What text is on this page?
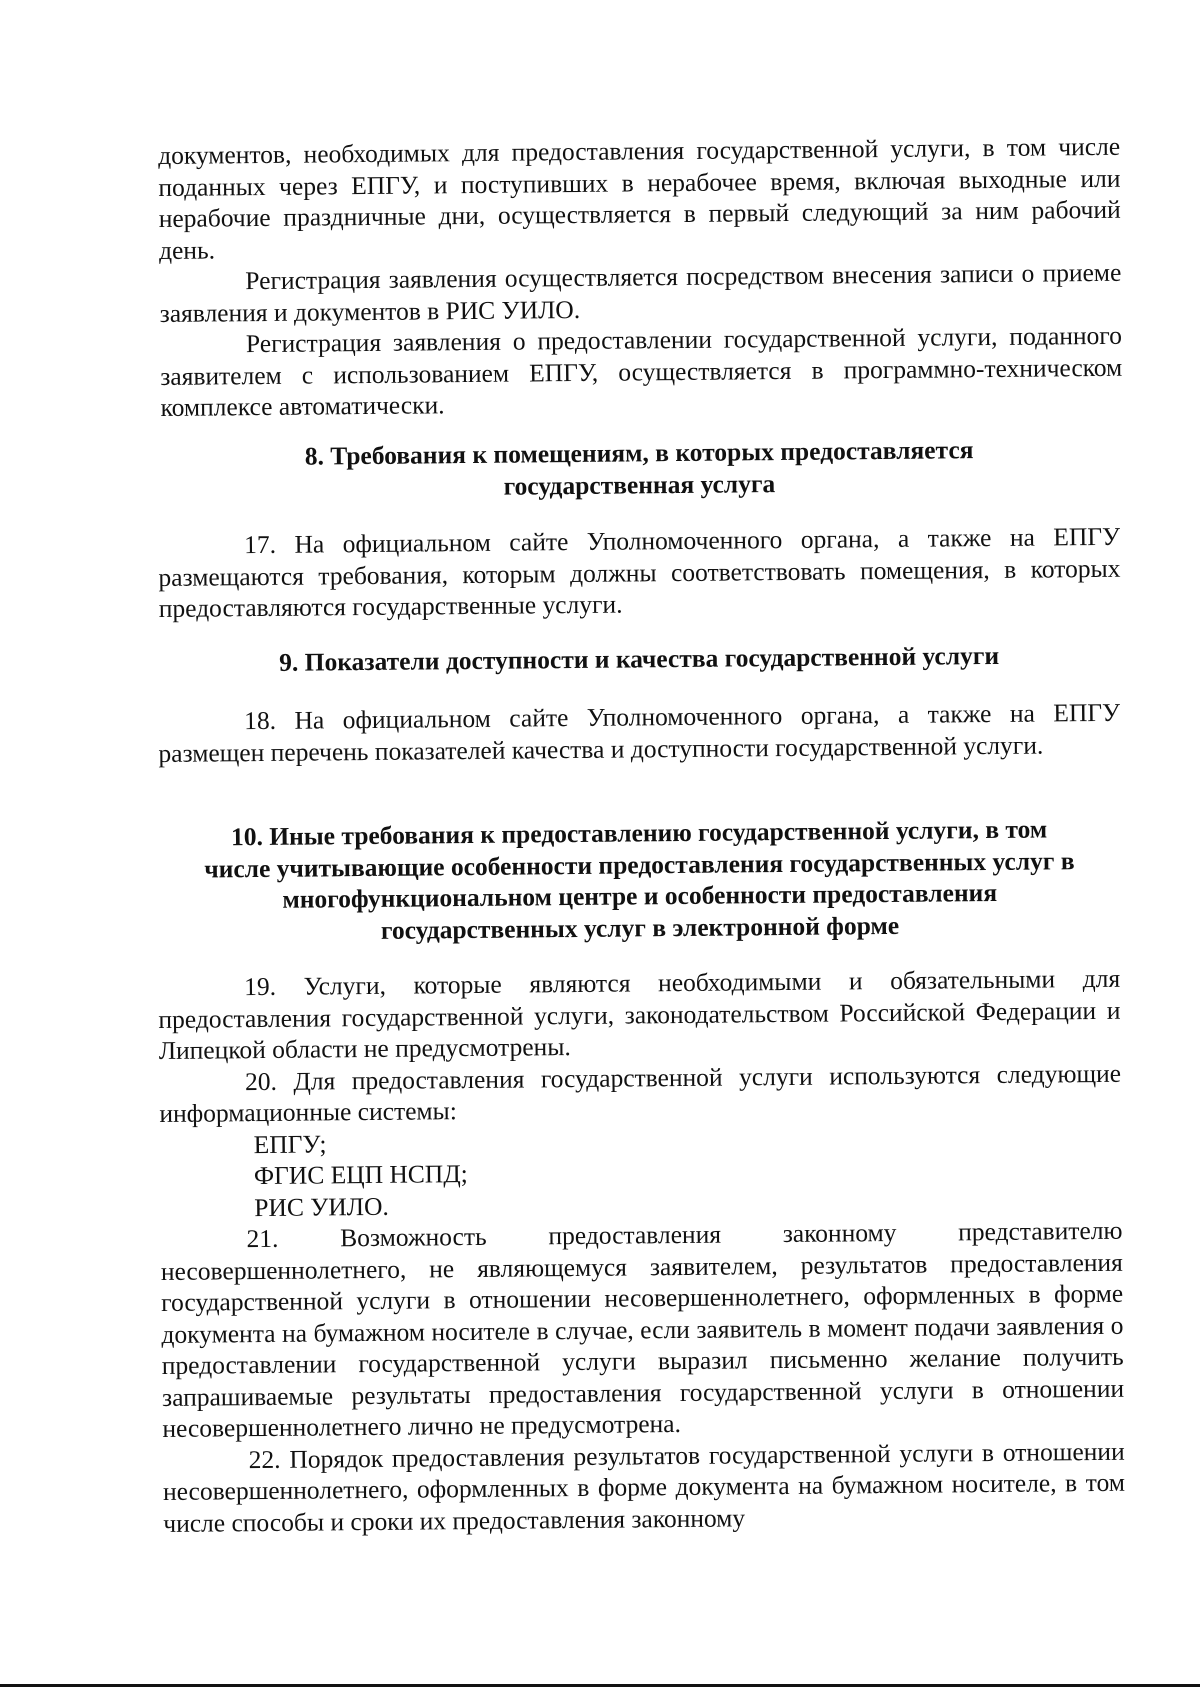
документов, необходимых для предоставления государственной услуги, в том числе поданных через ЕПГУ, и поступивших в нерабочее время, включая выходные или нерабочие праздничные дни, осуществляется в первый следующий за ним рабочий день.

Регистрация заявления осуществляется посредством внесения записи о приеме заявления и документов в РИС УИЛО.

Регистрация заявления о предоставлении государственной услуги, поданного заявителем с использованием ЕПГУ, осуществляется в программно-техническом комплексе автоматически.

8. Требования к помещениям, в которых предоставляется
государственная услуга

17. На официальном сайте Уполномоченного органа, а также на ЕПГУ размещаются требования, которым должны соответствовать помещения, в которых предоставляются государственные услуги.

9. Показатели доступности и качества государственной услуги

18. На официальном сайте Уполномоченного органа, а также на ЕПГУ размещен перечень показателей качества и доступности государственной услуги.

10. Иные требования к предоставлению государственной услуги, в том
числе учитывающие особенности предоставления государственных услуг в
многофункциональном центре и особенности предоставления
государственных услуг в электронной форме

19. Услуги, которые являются необходимыми и обязательными для предоставления государственной услуги, законодательством Российской Федерации и Липецкой области не предусмотрены.

20. Для предоставления государственной услуги используются следующие информационные системы:

ЕПГУ;

ФГИС ЕЦП НСПД;

РИС УИЛО.

21. Возможность предоставления законному представителю несовершеннолетнего, не являющемуся заявителем, результатов предоставления государственной услуги в отношении несовершеннолетнего, оформленных в форме документа на бумажном носителе в случае, если заявитель в момент подачи заявления о предоставлении государственной услуги выразил письменно желание получить запрашиваемые результаты предоставления государственной услуги в отношении несовершеннолетнего лично не предусмотрена.

22. Порядок предоставления результатов государственной услуги в отношении несовершеннолетнего, оформленных в форме документа на бумажном носителе, в том числе способы и сроки их предоставления законному
